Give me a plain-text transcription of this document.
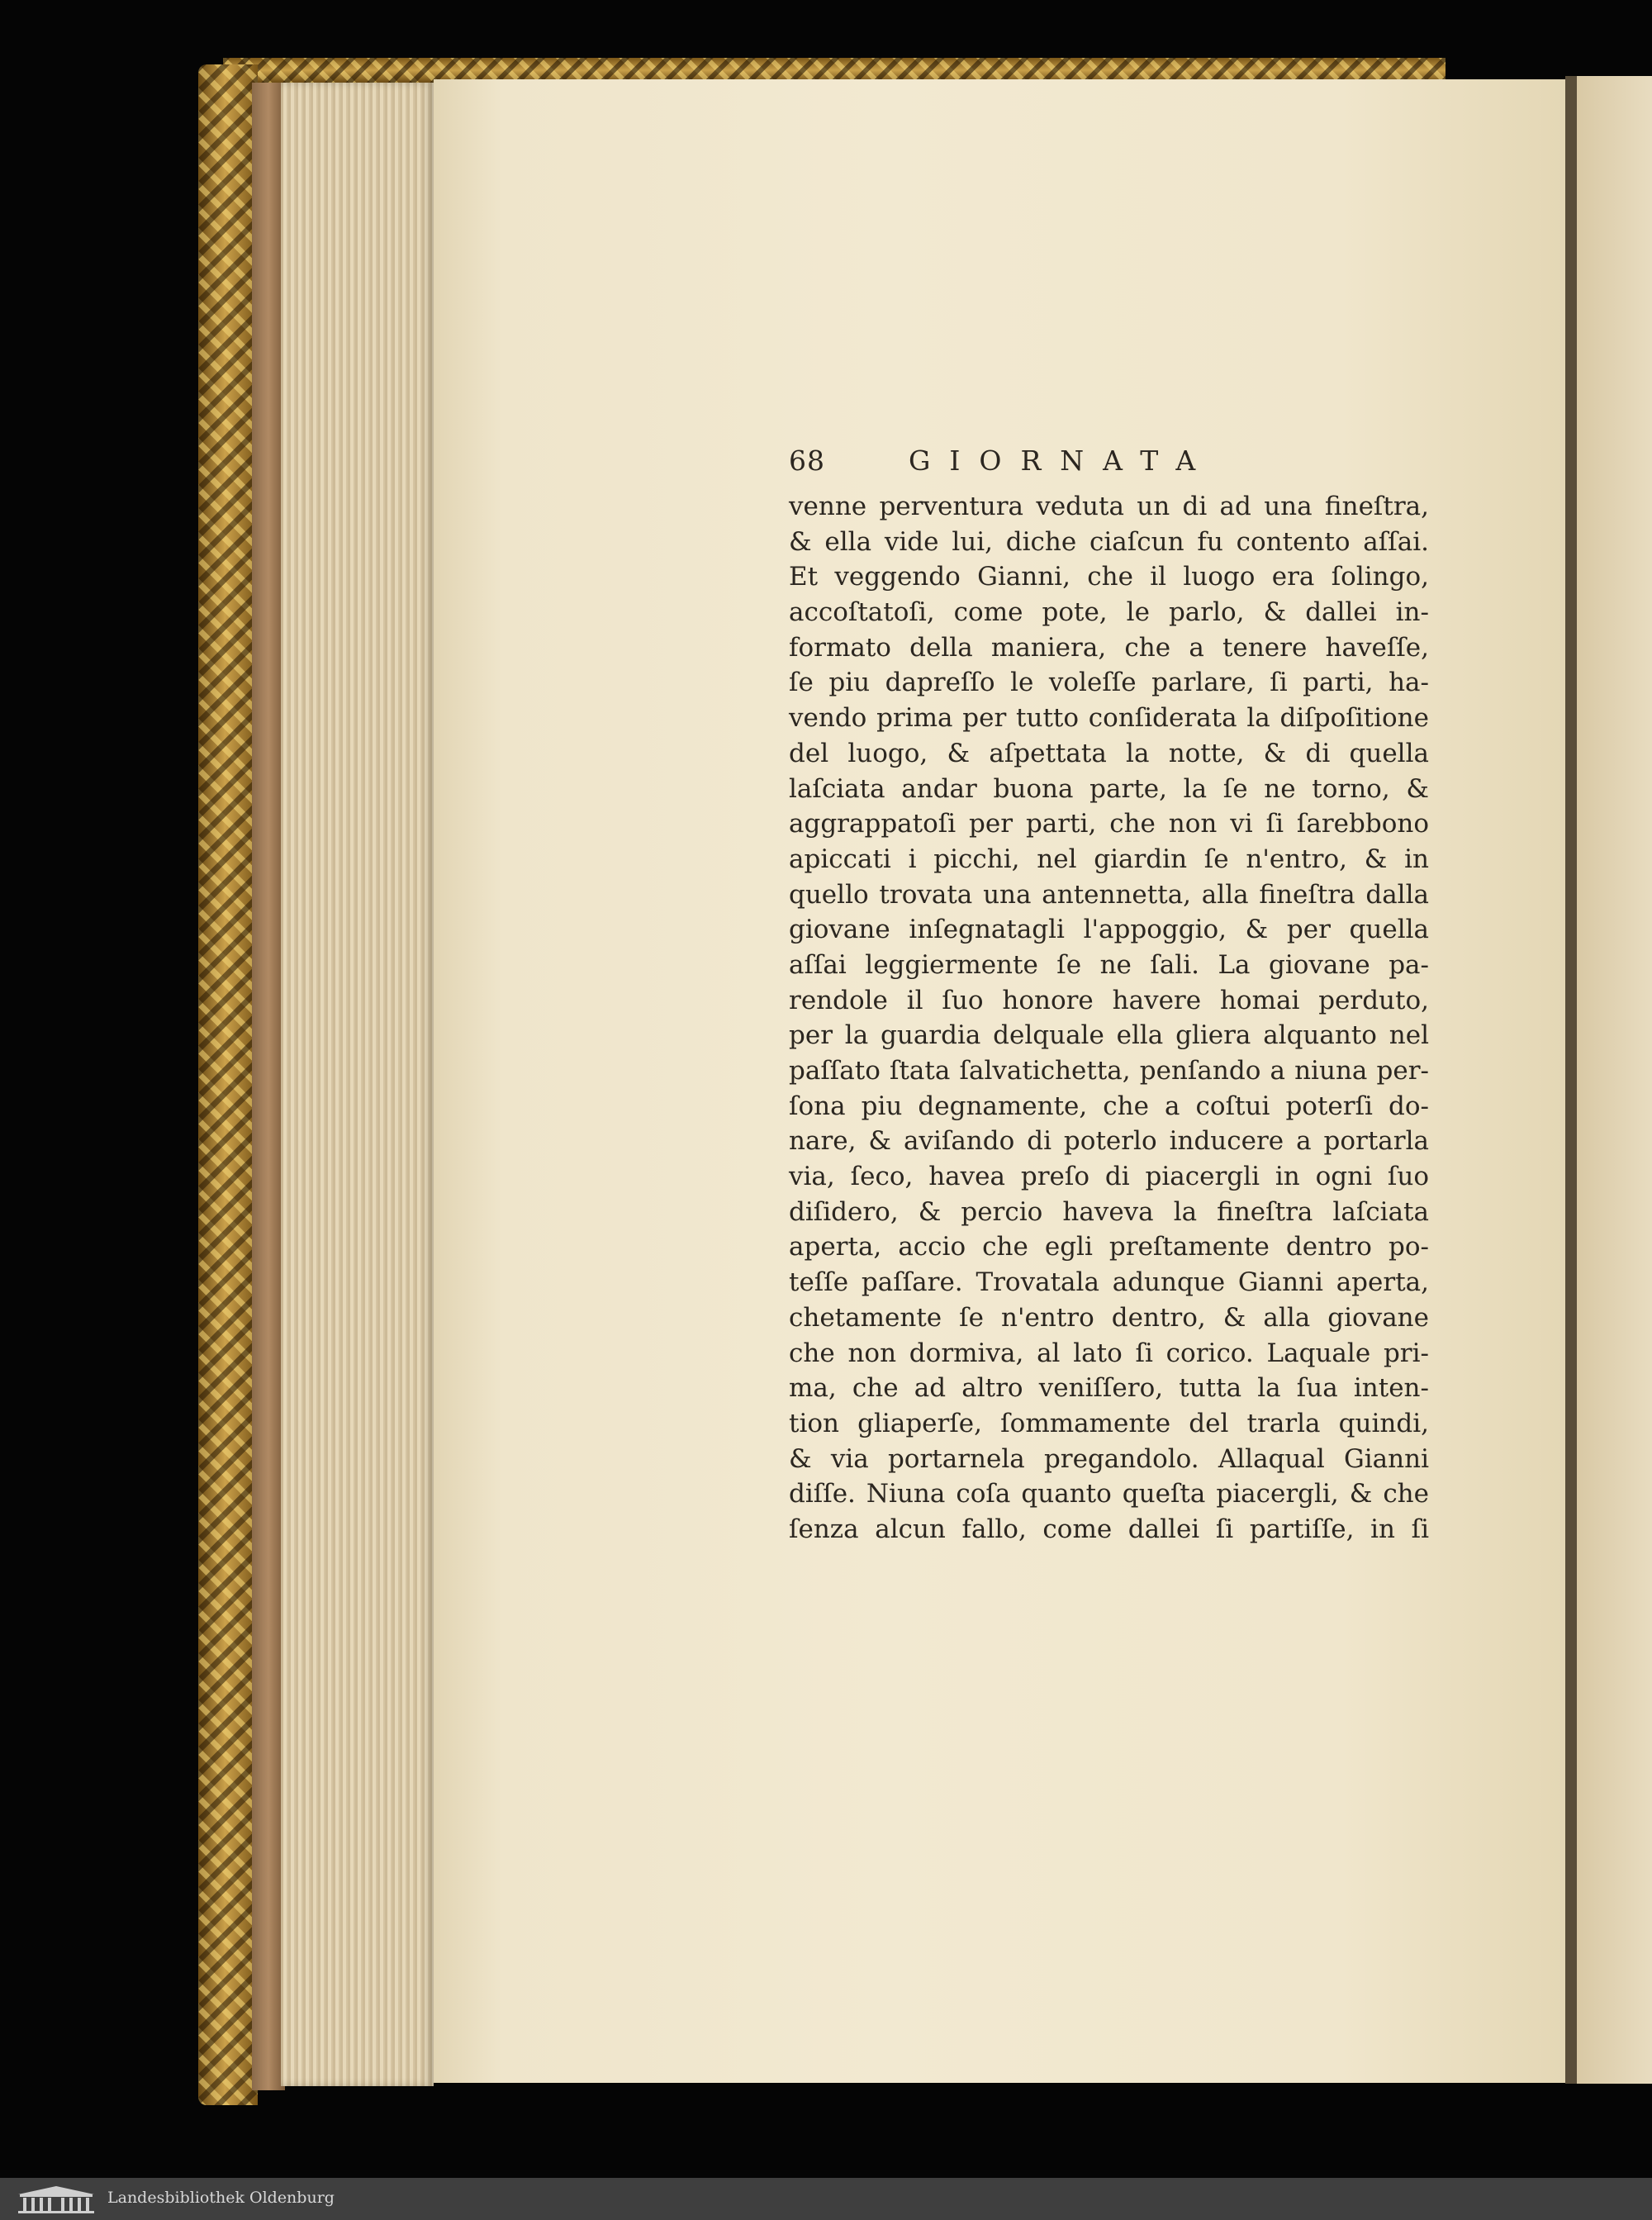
68	GIORNATA
venne perventura veduta un di ad una fineſtra,
& ella vide lui, diche ciaſcun fu contento aſſai.
Et veggendo Gianni, che il luogo era ſolingo,
accoſtatoſi, come pote, le parlo, & dallei in-
formato della maniera, che a tenere haveſſe,
ſe piu dapreſſo le voleſſe parlare, ſi parti, ha-
vendo prima per tutto conſiderata la diſpoſitione
del luogo, & aſpettata la notte, & di quella
laſciata andar buona parte, la ſe ne torno, &
aggrappatoſi per parti, che non vi ſi ſarebbono
apiccati i picchi, nel giardin ſe n'entro, & in
quello trovata una antennetta, alla fineſtra dalla
giovane inſegnatagli l'appoggio, & per quella
aſſai leggiermente ſe ne ſali. La giovane pa-
rendole il ſuo honore havere homai perduto,
per la guardia delquale ella gliera alquanto nel
paſſato ſtata ſalvatichetta, penſando a niuna per-
ſona piu degnamente, che a coſtui poterſi do-
nare, & aviſando di poterlo inducere a portarla
via, ſeco, havea preſo di piacergli in ogni ſuo
diſidero, & percio haveva la fineſtra laſciata
aperta, accio che egli preſtamente dentro po-
teſſe paſſare. Trovatala adunque Gianni aperta,
chetamente ſe n'entro dentro, & alla giovane
che non dormiva, al lato ſi corico. Laquale pri-
ma, che ad altro veniſſero, tutta la ſua inten-
tion gliaperſe, ſommamente del trarla quindi,
& via portarnela pregandolo. Allaqual Gianni
diſſe. Niuna coſa quanto queſta piacergli, & che
ſenza alcun fallo, come dallei ſi partiſſe, in ſi
Landesbibliothek Oldenburg
